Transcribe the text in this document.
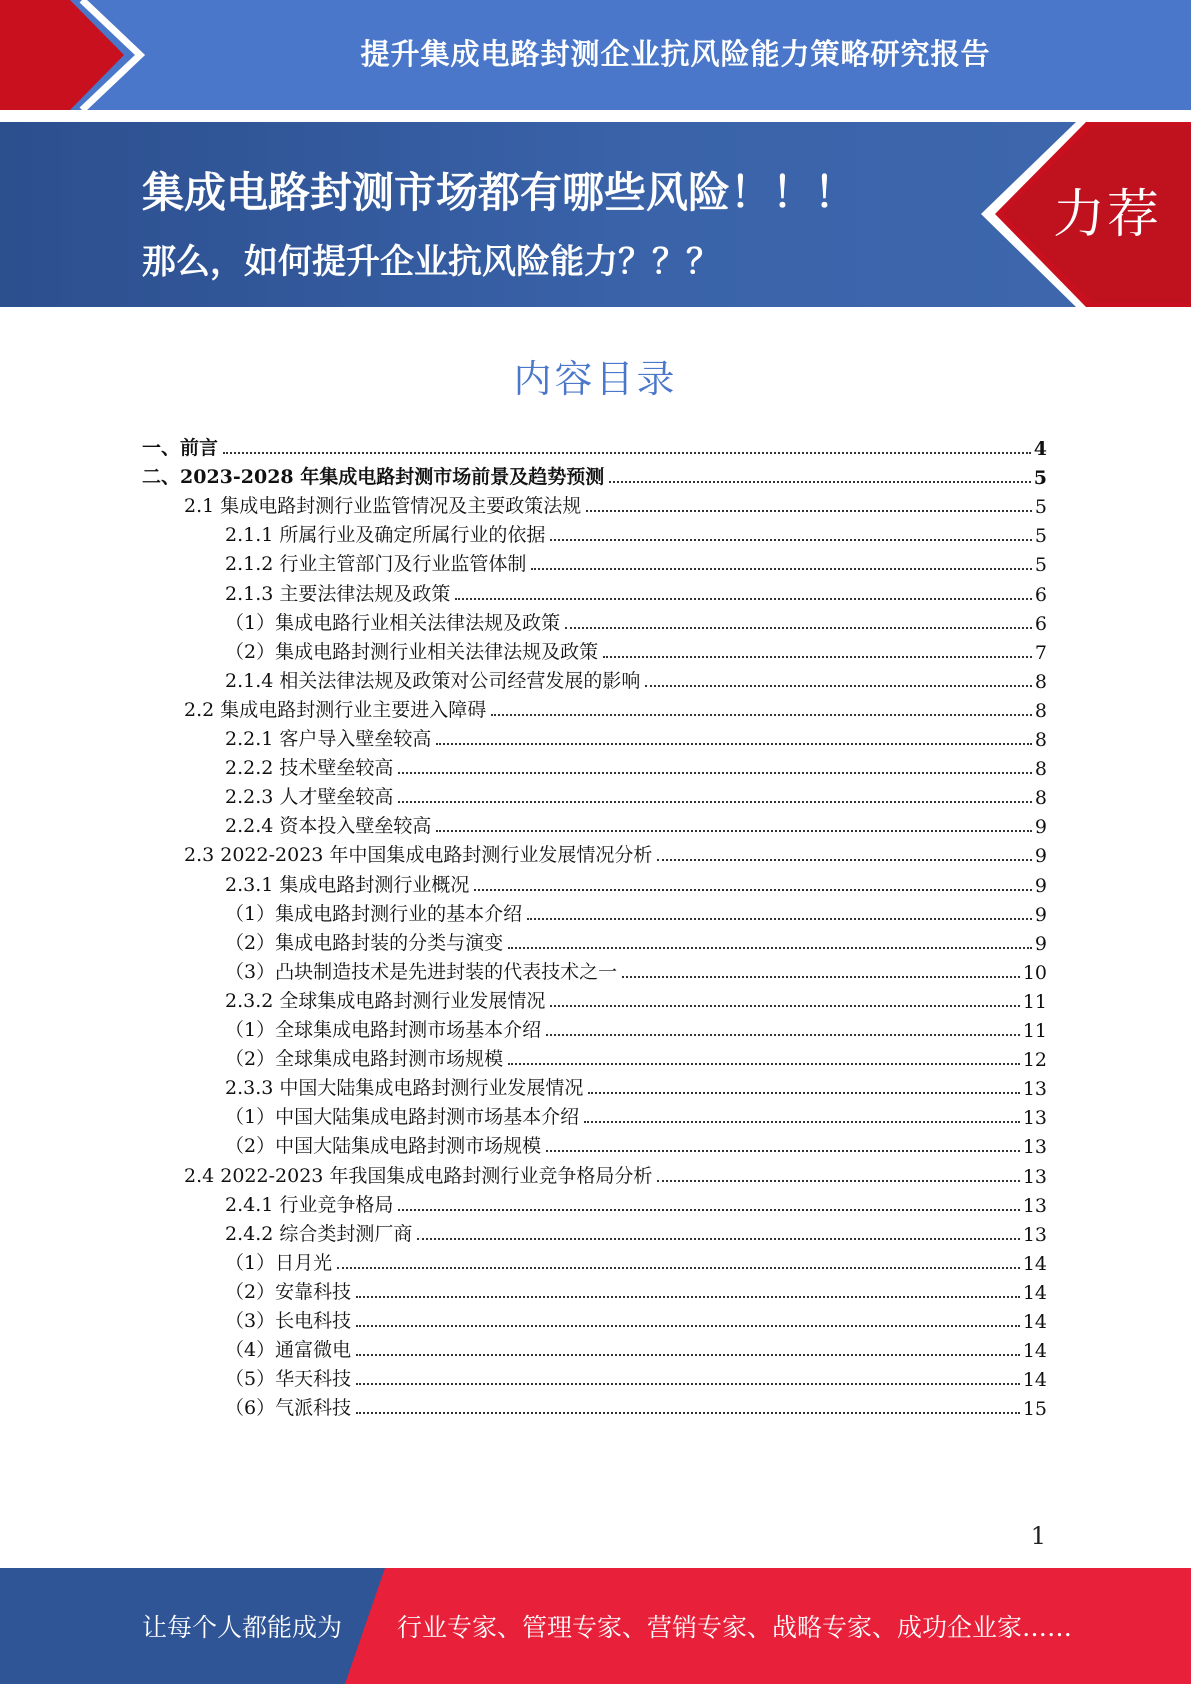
提升集成电路封测企业抗风险能力策略研究报告
集成电路封测市场都有哪些风险！！！
那么，如何提升企业抗风险能力？？？
力荐
内容目录
一、前言	4
二、2023-2028 年集成电路封测市场前景及趋势预测	5
2.1 集成电路封测行业监管情况及主要政策法规	5
2.1.1 所属行业及确定所属行业的依据	5
2.1.2 行业主管部门及行业监管体制	5
2.1.3 主要法律法规及政策	6
（1）集成电路行业相关法律法规及政策	6
（2）集成电路封测行业相关法律法规及政策	7
2.1.4 相关法律法规及政策对公司经营发展的影响	8
2.2 集成电路封测行业主要进入障碍	8
2.2.1 客户导入壁垒较高	8
2.2.2 技术壁垒较高	8
2.2.3 人才壁垒较高	8
2.2.4 资本投入壁垒较高	9
2.3 2022-2023 年中国集成电路封测行业发展情况分析	9
2.3.1 集成电路封测行业概况	9
（1）集成电路封测行业的基本介绍	9
（2）集成电路封装的分类与演变	9
（3）凸块制造技术是先进封装的代表技术之一	10
2.3.2 全球集成电路封测行业发展情况	11
（1）全球集成电路封测市场基本介绍	11
（2）全球集成电路封测市场规模	12
2.3.3 中国大陆集成电路封测行业发展情况	13
（1）中国大陆集成电路封测市场基本介绍	13
（2）中国大陆集成电路封测市场规模	13
2.4 2022-2023 年我国集成电路封测行业竞争格局分析	13
2.4.1 行业竞争格局	13
2.4.2 综合类封测厂商	13
（1）日月光	14
（2）安靠科技	14
（3）长电科技	14
（4）通富微电	14
（5）华天科技	14
（6）气派科技	15
1
让每个人都能成为 行业专家、管理专家、营销专家、战略专家、成功企业家……
